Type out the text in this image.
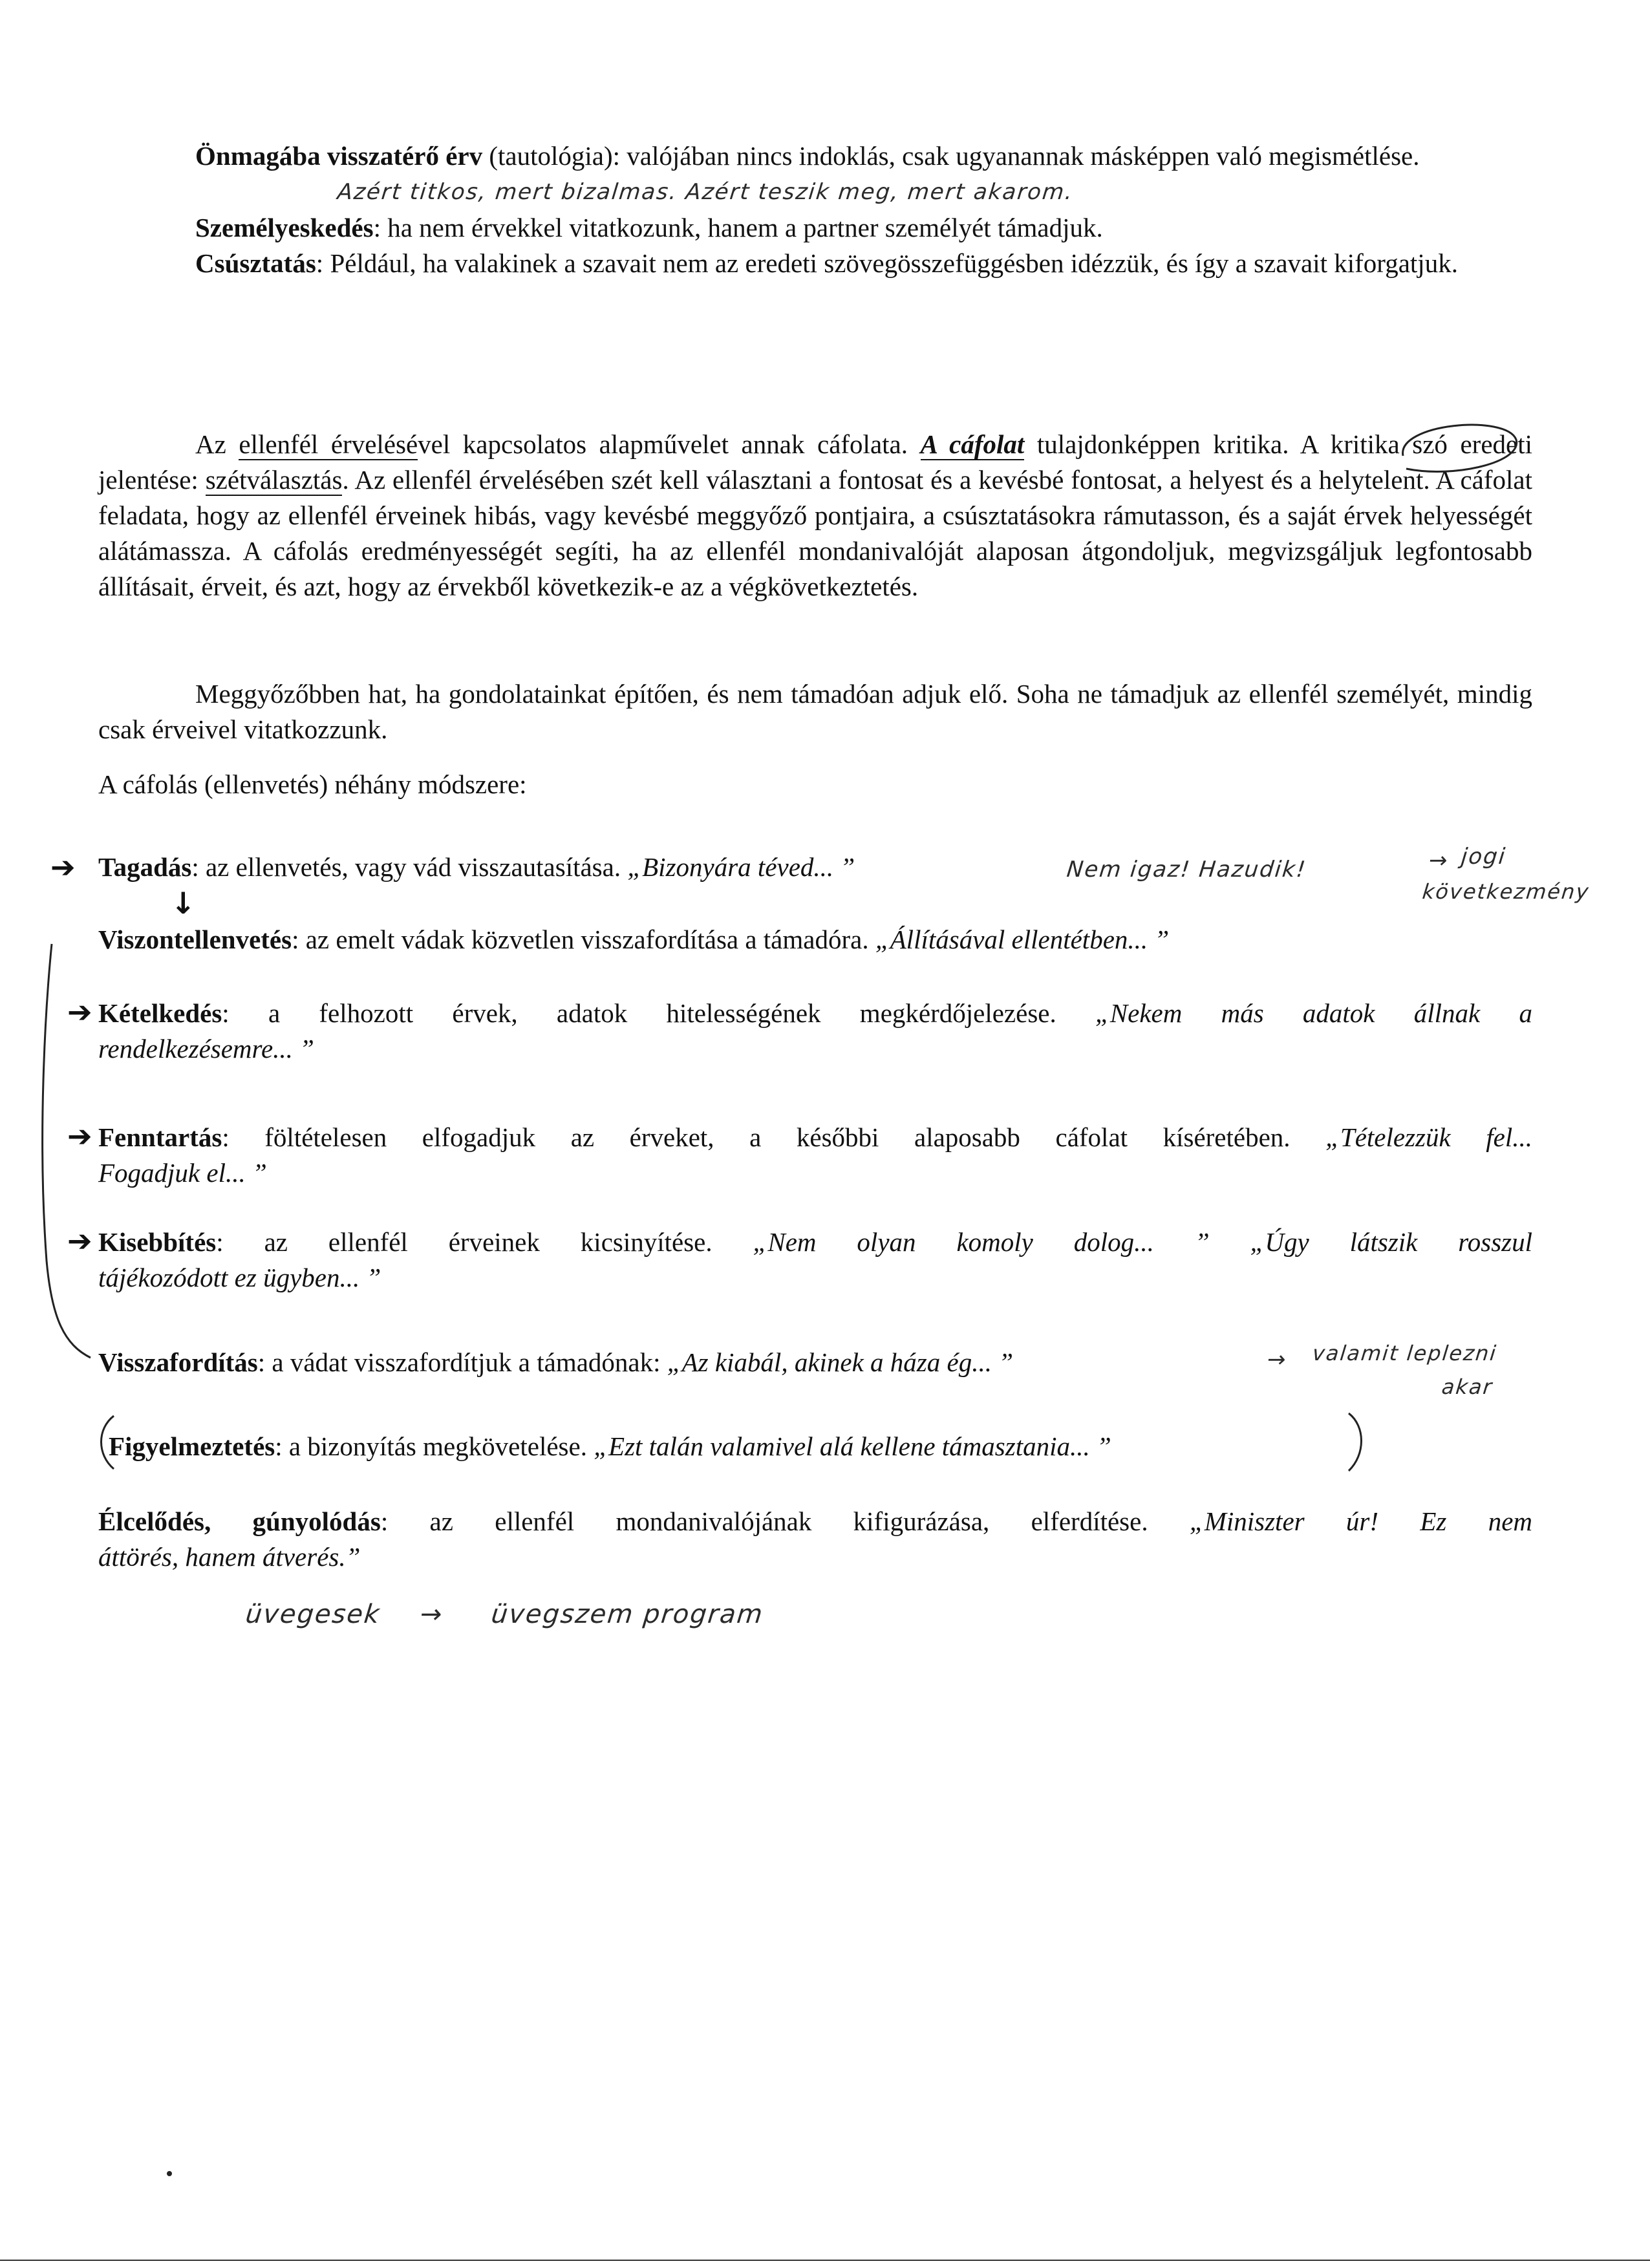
Önmagába visszatérő érv (tautológia): valójában nincs indoklás, csak ugyanannak másképpen való megismétlése.

Azért titkos, mert bizalmas. Azért teszik meg, mert akarom.

Személyeskedés: ha nem érvekkel vitatkozunk, hanem a partner személyét támadjuk.

Csúsztatás: Például, ha valakinek a szavait nem az eredeti szövegösszefüggésben idézzük, és így a szavait kiforgatjuk.

Az ellenfél érvelésével kapcsolatos alapművelet annak cáfolata. A cáfolat tulajdonképpen kritika. A kritika szó eredeti jelentése: szétválasztás. Az ellenfél érvelésében szét kell választani a fontosat és a kevésbé fontosat, a helyest és a helytelent. A cáfolat feladata, hogy az ellenfél érveinek hibás, vagy kevésbé meggyőző pontjaira, a csúsztatásokra rámutasson, és a saját érvek helyességét alátámassza. A cáfolás eredményességét segíti, ha az ellenfél mondanivalóját alaposan átgondoljuk, megvizsgáljuk legfontosabb állításait, érveit, és azt, hogy az érvekből következik-e az a végkövetkeztetés.

Meggyőzőbben hat, ha gondolatainkat építően, és nem támadóan adjuk elő. Soha ne támadjuk az ellenfél személyét, mindig csak érveivel vitatkozzunk.

A cáfolás (ellenvetés) néhány módszere:
Tagadás: az ellenvetés, vagy vád visszautasítása. „Bizonyára téved... ”
Viszontellenvetés: az emelt vádak közvetlen visszafordítása a támadóra. „Állításával ellentétben... ”
Kételkedés: a felhozott érvek, adatok hitelességének megkérdőjelezése. „Nekem más adatok állnak a
rendelkezésemre... ”
Fenntartás: föltételesen elfogadjuk az érveket, a későbbi alaposabb cáfolat kíséretében. „Tételezzük fel...
Fogadjuk el... ”
Kisebbítés: az ellenfél érveinek kicsinyítése. „Nem olyan komoly dolog... ” „Úgy látszik rosszul
tájékozódott ez ügyben... ”
Visszafordítás: a vádat visszafordítjuk a támadónak: „Az kiabál, akinek a háza ég... ”
Figyelmeztetés: a bizonyítás megkövetelése. „Ezt talán valamivel alá kellene támasztania... ”
Élcelődés, gúnyolódás: az ellenfél mondanivalójának kifigurázása, elferdítése. „Miniszter úr! Ez nem
áttörés, hanem átverés.”
Nem igaz! Hazudik!	→ jogi
következmény
→ valamit leplezni
akar
üvegesek → üvegszem program
➔
↓
➔
➔
➔
